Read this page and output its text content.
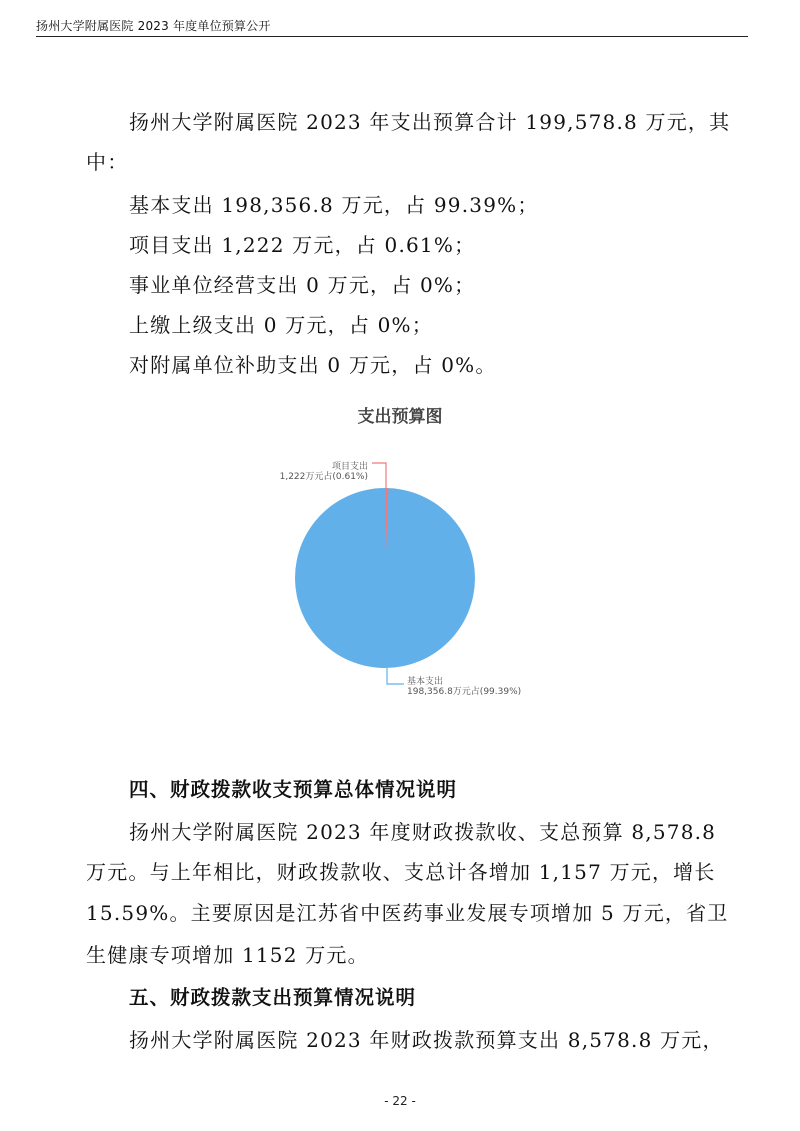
扬州大学附属医院 2023 年度单位预算公开
扬州大学附属医院 2023 年支出预算合计 199,578.8 万元，其
中：
基本支出 198,356.8 万元，占 99.39%；
项目支出 1,222 万元，占 0.61%；
事业单位经营支出 0 万元，占 0%；
上缴上级支出 0 万元，占 0%；
对附属单位补助支出 0 万元，占 0%。
支出预算图
项目支出
1,222万元占(0.61%)
基本支出
198,356.8万元占(99.39%)
四、财政拨款收支预算总体情况说明
扬州大学附属医院 2023 年度财政拨款收、支总预算 8,578.8
万元。与上年相比，财政拨款收、支总计各增加 1,157 万元，增长
15.59%。主要原因是江苏省中医药事业发展专项增加 5 万元，省卫
生健康专项增加 1152 万元。
五、财政拨款支出预算情况说明
扬州大学附属医院 2023 年财政拨款预算支出 8,578.8 万元，
- 22 -
